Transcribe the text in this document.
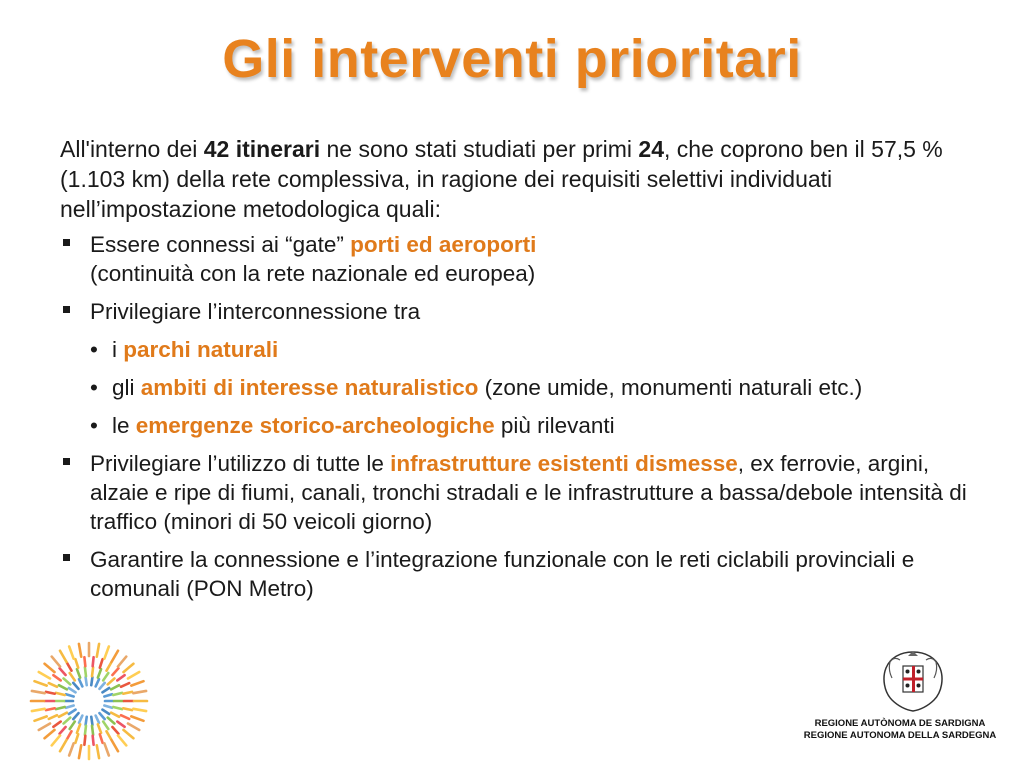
Gli interventi prioritari

All'interno dei 42 itinerari ne sono stati studiati per primi 24, che coprono ben il 57,5 % (1.103 km) della rete complessiva, in ragione dei requisiti selettivi individuati nell’impostazione metodologica quali:

Essere connessi ai “gate” porti ed aeroporti
(continuità con la rete nazionale ed europea)
Privilegiare l’interconnessione tra
• i parchi naturali
• gli ambiti di interesse naturalistico (zone umide, monumenti naturali etc.)
• le emergenze storico-archeologiche più rilevanti
Privilegiare l’utilizzo di tutte le infrastrutture esistenti dismesse, ex ferrovie, argini, alzaie e ripe di fiumi, canali, tronchi stradali e le infrastrutture a bassa/debole intensità di traffico (minori di 50 veicoli giorno)
Garantire la connessione e l’integrazione funzionale con le reti ciclabili provinciali e comunali (PON Metro)
REGIONE AUTÒNOMA DE SARDIGNA
REGIONE AUTONOMA DELLA SARDEGNA
